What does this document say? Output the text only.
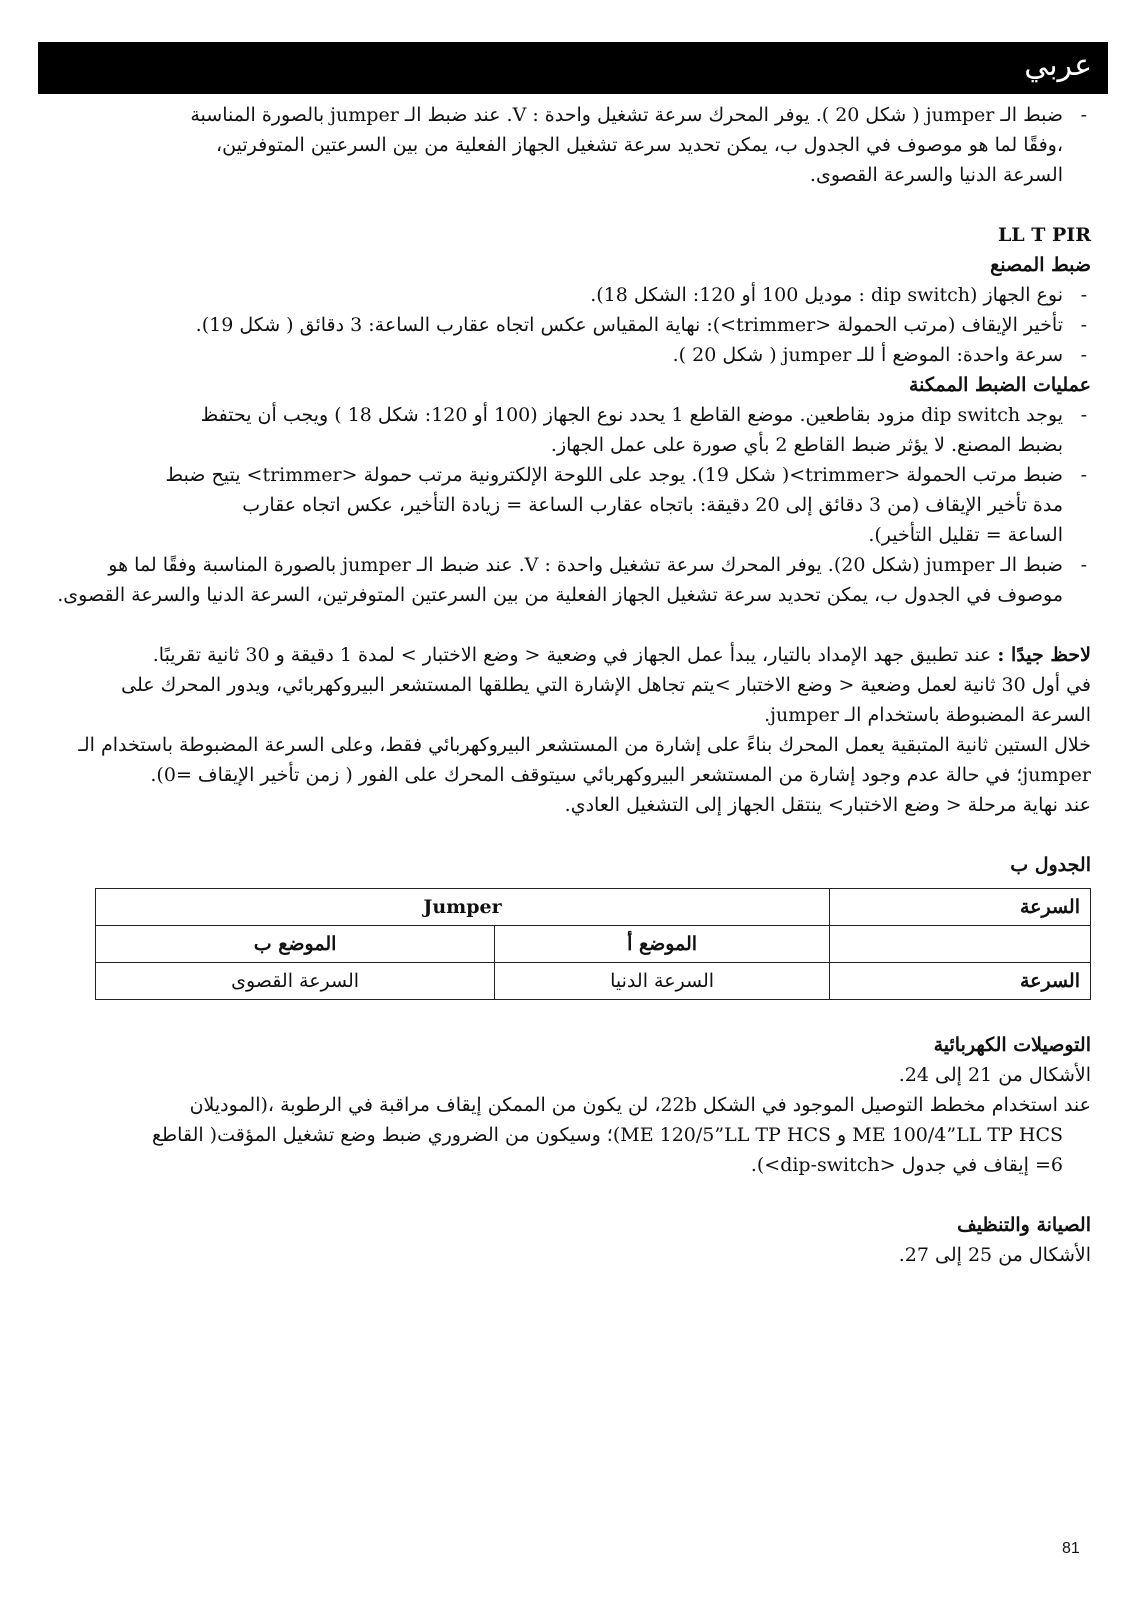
عربي

- ضبط الـ jumper ( شكل 20 ). يوفر المحرك سرعة تشغيل واحدة : V. عند ضبط الـ jumper بالصورة المناسبة

،وفقًا لما هو موصوف في الجدول ب، يمكن تحديد سرعة تشغيل الجهاز الفعلية من بين السرعتين المتوفرتين،

السرعة الدنيا والسرعة القصوى.

LL T PIR

ضبط المصنع

- نوع الجهاز (dip switch : موديل 100 أو 120: الشكل 18).

- تأخير الإيقاف (مرتب الحمولة <trimmer>): نهاية المقياس عكس اتجاه عقارب الساعة: 3 دقائق ( شكل 19).

- سرعة واحدة: الموضع أ للـ jumper ( شكل 20 ).

عمليات الضبط الممكنة

- يوجد dip switch مزود بقاطعين. موضع القاطع 1 يحدد نوع الجهاز (100 أو 120: شكل 18 ) ويجب أن يحتفظ

بضبط المصنع. لا يؤثر ضبط القاطع 2 بأي صورة على عمل الجهاز.

- ضبط مرتب الحمولة <trimmer>( شكل 19). يوجد على اللوحة الإلكترونية مرتب حمولة <trimmer> يتيح ضبط

مدة تأخير الإيقاف (من 3 دقائق إلى 20 دقيقة: باتجاه عقارب الساعة = زيادة التأخير، عكس اتجاه عقارب

الساعة = تقليل التأخير).

- ضبط الـ jumper (شكل 20). يوفر المحرك سرعة تشغيل واحدة : V. عند ضبط الـ jumper بالصورة المناسبة وفقًا لما هو

موصوف في الجدول ب، يمكن تحديد سرعة تشغيل الجهاز الفعلية من بين السرعتين المتوفرتين، السرعة الدنيا والسرعة القصوى.

لاحظ جيدًا : عند تطبيق جهد الإمداد بالتيار، يبدأ عمل الجهاز في وضعية < وضع الاختبار > لمدة 1 دقيقة و 30 ثانية تقريبًا.

في أول 30 ثانية لعمل وضعية < وضع الاختبار >يتم تجاهل الإشارة التي يطلقها المستشعر البيروكهربائي، ويدور المحرك على

السرعة المضبوطة باستخدام الـ jumper.

خلال الستين ثانية المتبقية يعمل المحرك بناءً على إشارة من المستشعر البيروكهربائي فقط، وعلى السرعة المضبوطة باستخدام الـ

jumper؛ في حالة عدم وجود إشارة من المستشعر البيروكهربائي سيتوقف المحرك على الفور ( زمن تأخير الإيقاف =0).

عند نهاية مرحلة < وضع الاختبار> ينتقل الجهاز إلى التشغيل العادي.

الجدول ب

السرعة	Jumper	
	الموضع أ	الموضع ب
السرعة	السرعة الدنيا	السرعة القصوى

التوصيلات الكهربائية

الأشكال من 21 إلى 24.

عند استخدام مخطط التوصيل الموجود في الشكل 22b، لن يكون من الممكن إيقاف مراقبة في الرطوبة ،(الموديلان

ME 100/4”LL TP HCS و ME 120/5”LL TP HCS)؛ وسيكون من الضروري ضبط وضع تشغيل المؤقت( القاطع

6= إيقاف في جدول <dip-switch>).

الصيانة والتنظيف

الأشكال من 25 إلى 27.

81
